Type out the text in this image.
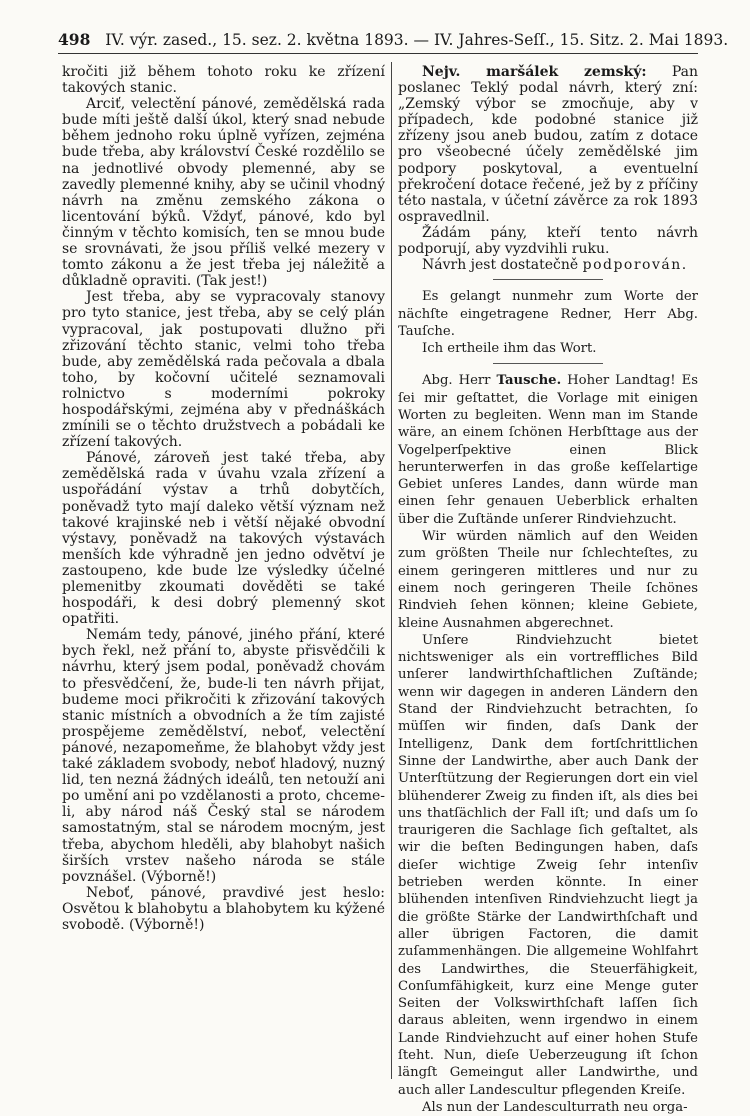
498 IV. výr. zased., 15. sez. 2. května 1893. — IV. Jahres-Seſſ., 15. Sitz. 2. Mai 1893.

kročiti již během tohoto roku ke zřízení takových stanic.

Arciť, velectění pánové, zemědělská rada bude míti ještě další úkol, který snad nebude během jednoho roku úplně vyřízen, zejména bude třeba, aby království České rozdělilo se na jednotlivé obvody plemenné, aby se zavedly plemenné knihy, aby se učinil vhodný návrh na změnu zemského zákona o licentování býků. Vždyť, pánové, kdo byl činným v těchto komisích, ten se mnou bude se srovnávati, že jsou příliš velké mezery v tomto zákonu a že jest třeba jej náležitě a důkladně opraviti. (Tak jest!)

Jest třeba, aby se vypracovaly stanovy pro tyto stanice, jest třeba, aby se celý plán vypracoval, jak postupovati dlužno při zřizování těchto stanic, velmi toho třeba bude, aby zemědělská rada pečovala a dbala toho, by kočovní učitelé seznamovali rolnictvo s moderními pokroky hospodářskými, zejména aby v přednáškách zmínili se o těchto družstvech a pobádali ke zřízení takových.

Pánové, zároveň jest také třeba, aby zemědělská rada v úvahu vzala zřízení a uspořádání výstav a trhů dobytčích, poněvadž tyto mají daleko větší význam než takové krajinské neb i větší nějaké obvodní výstavy, poněvadž na takových výstavách menších kde výhradně jen jedno odvětví je zastoupeno, kde bude lze výsledky účelné plemenitby zkoumati dověděti se také hospodáři, k desi dobrý plemenný skot opatřiti.

Nemám tedy, pánové, jiného přání, které bych řekl, než přání to, abyste přisvědčili k návrhu, který jsem podal, poněvadž chovám to přesvědčení, že, bude-li ten návrh přijat, budeme moci přikročiti k zřizování takových stanic místních a obvodních a že tím zajisté prospějeme zemědělství, neboť, velectění pánové, nezapomeňme, že blahobyt vždy jest také základem svobody, neboť hladový, nuzný lid, ten nezná žádných ideálů, ten netouží ani po umění ani po vzdělanosti a proto, chceme-li, aby národ náš Český stal se národem samostatným, stal se národem mocným, jest třeba, abychom hleděli, aby blahobyt našich širších vrstev našeho národa se stále povznášel. (Výborně!)

Neboť, pánové, pravdivé jest heslo: Osvětou k blahobytu a blahobytem ku kýžené svobodě. (Výborně!)

Nejv. maršálek zemský: Pan poslanec Teklý podal návrh, který zní: „Zemský výbor se zmocňuje, aby v případech, kde podobné stanice již zřízeny jsou aneb budou, zatím z dotace pro všeobecné účely zemědělské jim podpory poskytoval, a eventuelní překročení dotace řečené, jež by z příčiny této nastala, v účetní závěrce za rok 1893 ospravedlnil.

Žádám pány, kteří tento návrh podporují, aby vyzdvihli ruku.

Návrh jest dostatečně podporován.

Es gelangt nunmehr zum Worte der nächſte eingetragene Redner, Herr Abg. Tauſche.

Ich ertheile ihm das Wort.

Abg. Herr Tausche. Hoher Landtag! Es ſei mir geſtattet, die Vorlage mit einigen Worten zu begleiten. Wenn man im Stande wäre, an einem ſchönen Herbſttage aus der Vogelperſpektive einen Blick herunterwerfen in das große keſſelartige Gebiet unſeres Landes, dann würde man einen ſehr genauen Ueberblick erhalten über die Zuſtände unſerer Rindviehzucht.

Wir würden nämlich auf den Weiden zum größten Theile nur ſchlechteſtes, zu einem geringeren mittleres und nur zu einem noch geringeren Theile ſchönes Rindvieh ſehen können; kleine Gebiete, kleine Ausnahmen abgerechnet.

Unſere Rindviehzucht bietet nichtsweniger als ein vortreffliches Bild unſerer landwirthſchaftlichen Zuſtände; wenn wir dagegen in anderen Ländern den Stand der Rindviehzucht betrachten, ſo müſſen wir finden, daſs Dank der Intelligenz, Dank dem fortſchrittlichen Sinne der Landwirthe, aber auch Dank der Unterſtützung der Regierungen dort ein viel blühenderer Zweig zu finden iſt, als dies bei uns thatſächlich der Fall iſt; und daſs um ſo traurigeren die Sachlage ſich geſtaltet, als wir die beſten Bedingungen haben, daſs dieſer wichtige Zweig ſehr intenſiv betrieben werden könnte. In einer blühenden intenſiven Rindviehzucht liegt ja die größte Stärke der Landwirthſchaft und aller übrigen Factoren, die damit zuſammenhängen. Die allgemeine Wohlfahrt des Landwirthes, die Steuerfähigkeit, Conſumfähigkeit, kurz eine Menge guter Seiten der Volkswirthſchaft laſſen ſich daraus ableiten, wenn irgendwo in einem Lande Rindviehzucht auf einer hohen Stufe ſteht. Nun, dieſe Ueberzeugung iſt ſchon längſt Gemeingut aller Landwirthe, und auch aller Landescultur pflegenden Kreiſe.

Als nun der Landesculturrath neu orga-
